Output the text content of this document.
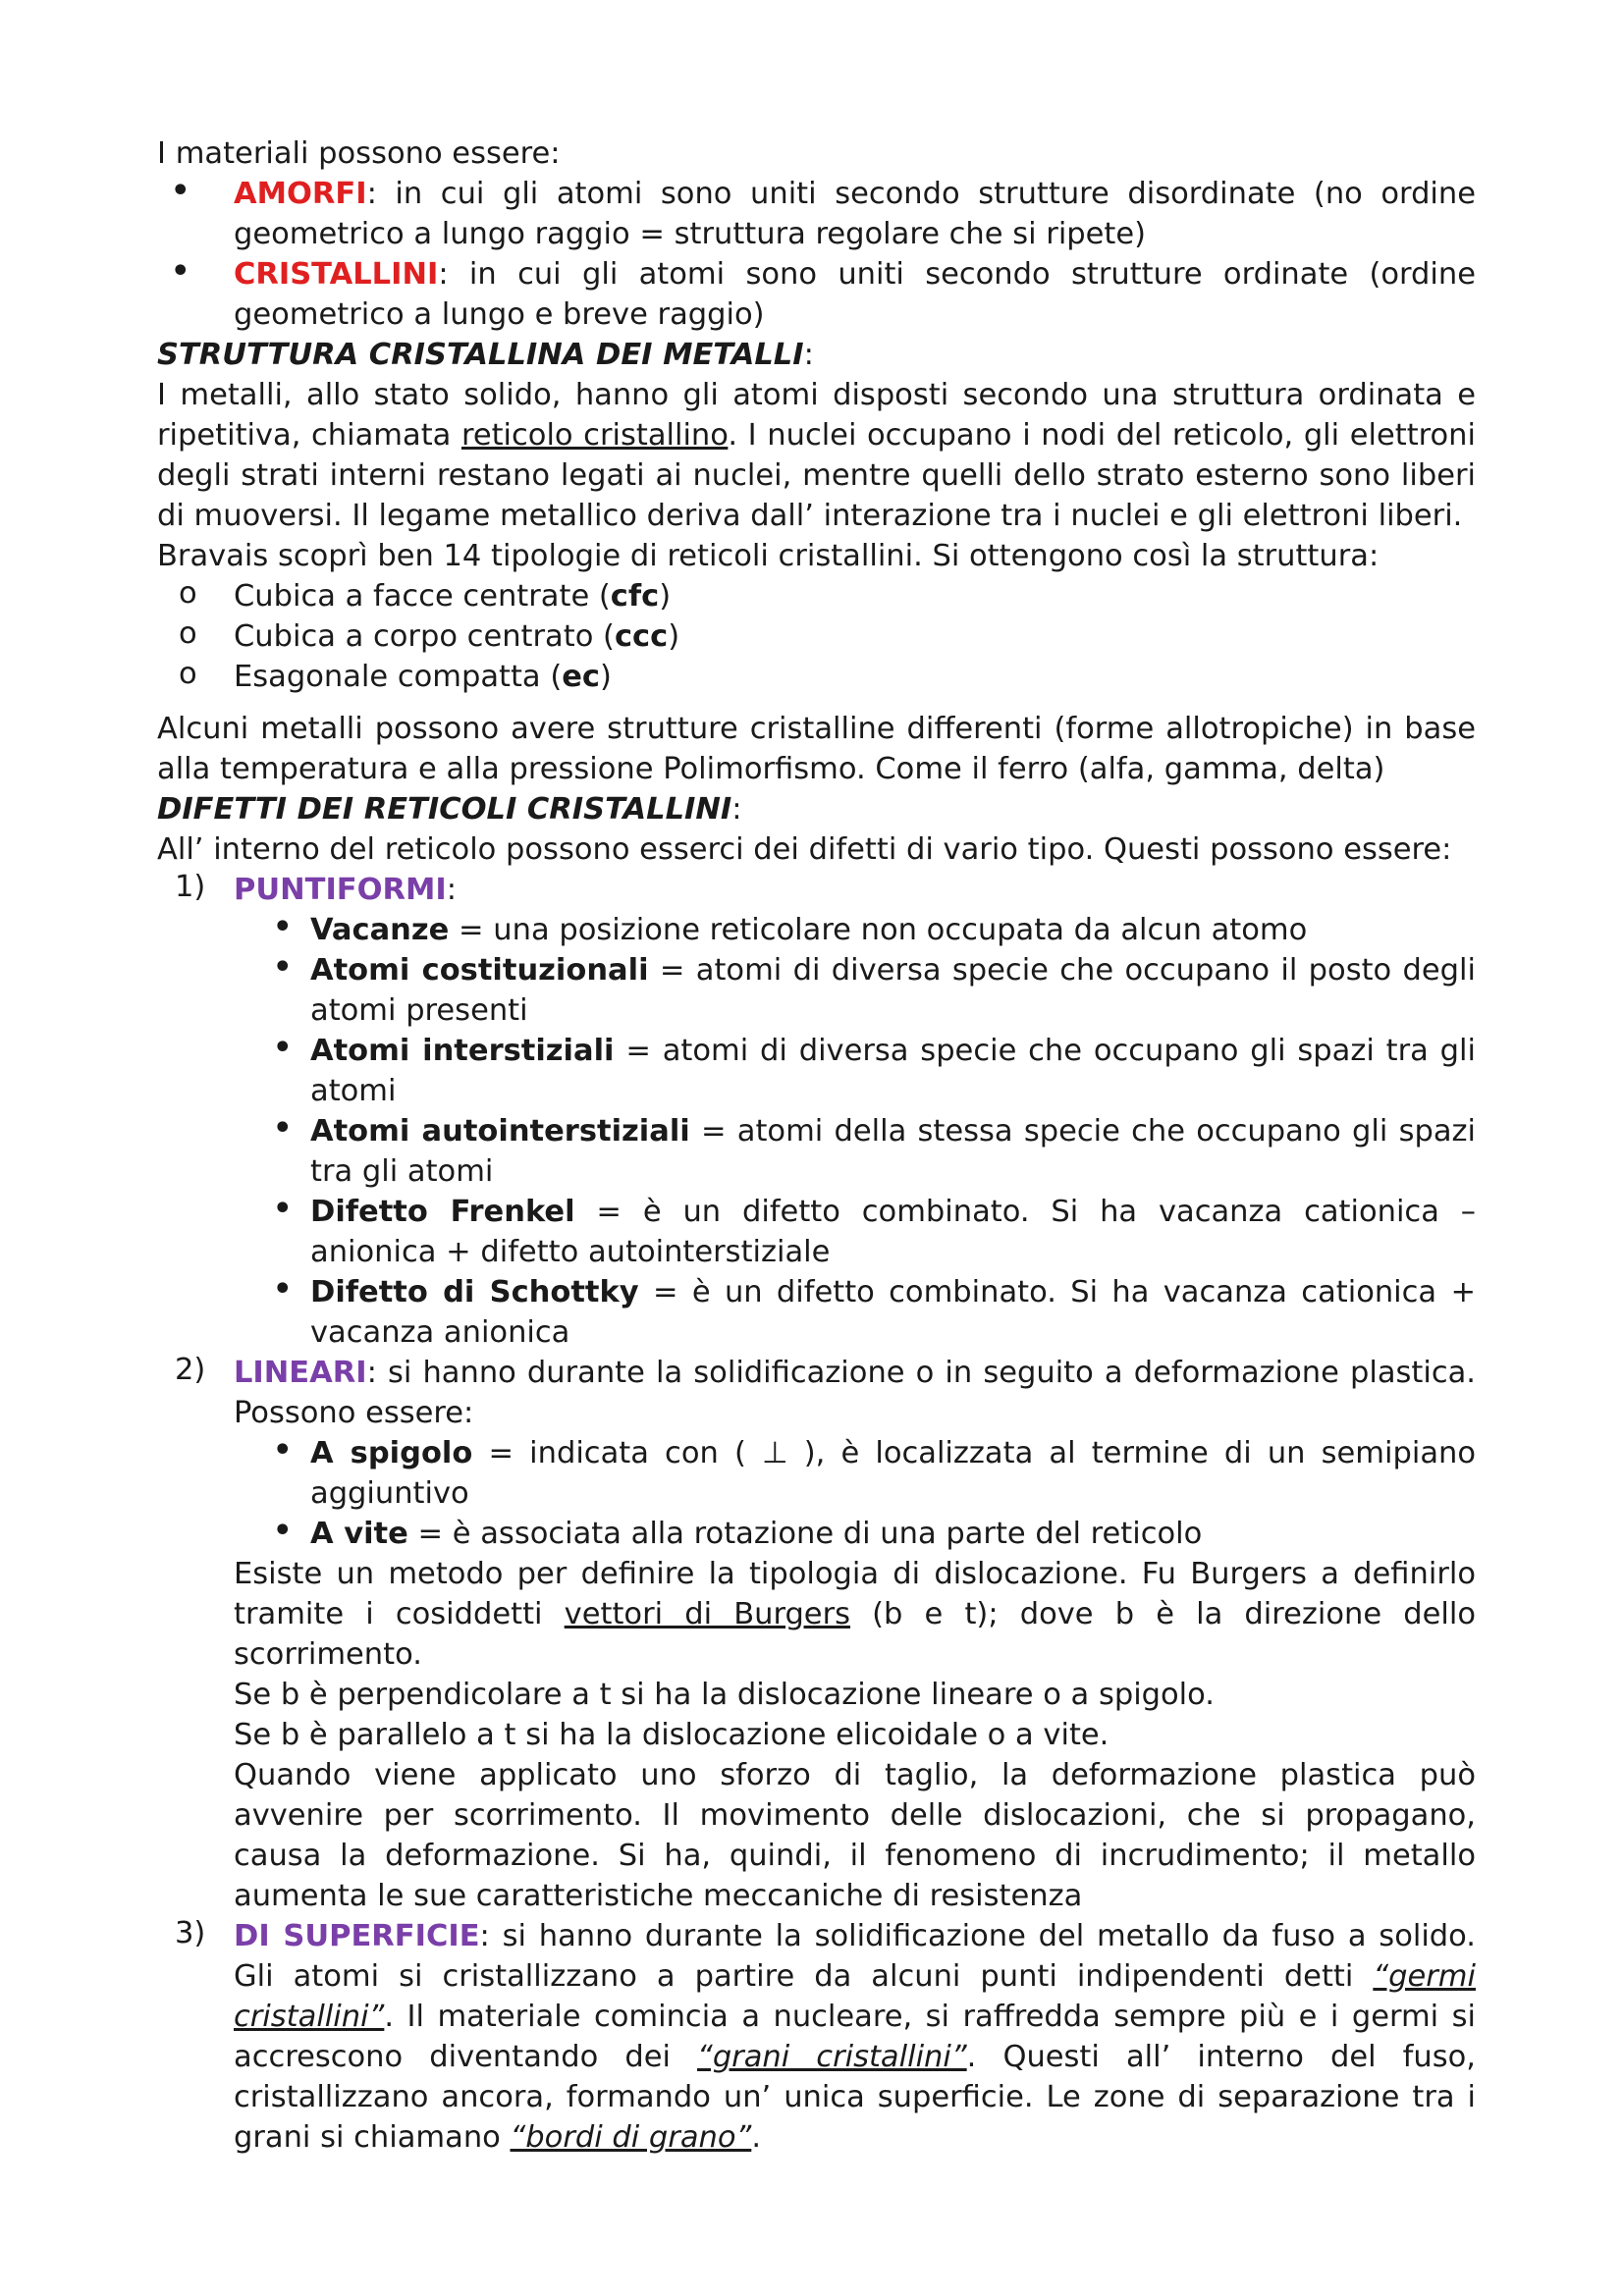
I materiali possono essere:

•	AMORFI: in cui gli atomi sono uniti secondo strutture disordinate (no ordine geometrico a lungo raggio = struttura regolare che si ripete)

•	CRISTALLINI: in cui gli atomi sono uniti secondo strutture ordinate (ordine geometrico a lungo e breve raggio)

STRUTTURA CRISTALLINA DEI METALLI:

I metalli, allo stato solido, hanno gli atomi disposti secondo una struttura ordinata e ripetitiva, chiamata reticolo cristallino. I nuclei occupano i nodi del reticolo, gli elettroni degli strati interni restano legati ai nuclei, mentre quelli dello strato esterno sono liberi di muoversi. Il legame metallico deriva dall’ interazione tra i nuclei e gli elettroni liberi.

Bravais scoprì ben 14 tipologie di reticoli cristallini. Si ottengono così la struttura:

o	Cubica a facce centrate (cfc)

o	Cubica a corpo centrato (ccc)

o	Esagonale compatta (ec)

Alcuni metalli possono avere strutture cristalline differenti (forme allotropiche) in base alla temperatura e alla pressione Polimorfismo. Come il ferro (alfa, gamma, delta)

DIFETTI DEI RETICOLI CRISTALLINI:

All’ interno del reticolo possono esserci dei difetti di vario tipo. Questi possono essere:

1) PUNTIFORMI:

• Vacanze = una posizione reticolare non occupata da alcun atomo

• Atomi costituzionali = atomi di diversa specie che occupano il posto degli atomi presenti

• Atomi interstiziali = atomi di diversa specie che occupano gli spazi tra gli atomi

• Atomi autointerstiziali = atomi della stessa specie che occupano gli spazi tra gli atomi

• Difetto Frenkel = è un difetto combinato. Si ha vacanza cationica – anionica + difetto autointerstiziale

• Difetto di Schottky = è un difetto combinato. Si ha vacanza cationica + vacanza anionica

2) LINEARI: si hanno durante la solidificazione o in seguito a deformazione plastica. Possono essere:

• A spigolo = indicata con ( ⊥ ), è localizzata al termine di un semipiano aggiuntivo

• A vite = è associata alla rotazione di una parte del reticolo

Esiste un metodo per definire la tipologia di dislocazione. Fu Burgers a definirlo tramite i cosiddetti vettori di Burgers (b e t); dove b è la direzione dello scorrimento.

Se b è perpendicolare a t si ha la dislocazione lineare o a spigolo.

Se b è parallelo a t si ha la dislocazione elicoidale o a vite.

Quando viene applicato uno sforzo di taglio, la deformazione plastica può avvenire per scorrimento. Il movimento delle dislocazioni, che si propagano, causa la deformazione. Si ha, quindi, il fenomeno di incrudimento; il metallo aumenta le sue caratteristiche meccaniche di resistenza

3) DI SUPERFICIE: si hanno durante la solidificazione del metallo da fuso a solido. Gli atomi si cristallizzano a partire da alcuni punti indipendenti detti “germi cristallini”. Il materiale comincia a nucleare, si raffredda sempre più e i germi si accrescono diventando dei “grani cristallini”. Questi all’ interno del fuso, cristallizzano ancora, formando un’ unica superficie. Le zone di separazione tra i grani si chiamano “bordi di grano”.
